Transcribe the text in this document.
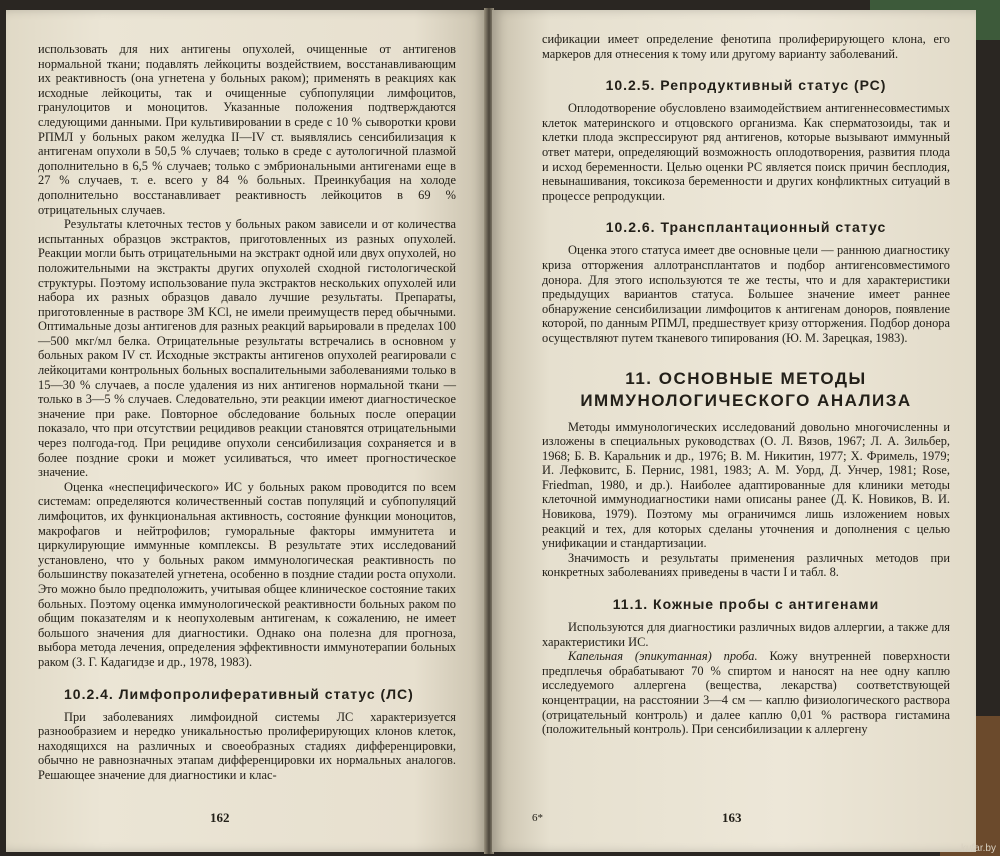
использовать для них антигены опухолей, очищенные от антигенов нормальной ткани; подавлять лейкоциты воздействием, восстанавливающим их реактивность (она угнетена у больных раком); применять в реакциях как исходные лейкоциты, так и очищенные субпопуляции лимфоцитов, гранулоцитов и моноцитов. Указанные положения подтверждаются следующими данными. При культивировании в среде с 10 % сыворотки крови РПМЛ у больных раком желудка II—IV ст. выявлялись сенсибилизация к антигенам опухоли в 50,5 % случаев; только в среде с аутологичной плазмой дополнительно в 6,5 % случаев; только с эмбриональными антигенами еще в 27 % случаев, т. е. всего у 84 % больных. Преинкубация на холоде дополнительно восстанавливает реактивность лейкоцитов в 69 % отрицательных случаев.

Результаты клеточных тестов у больных раком зависели и от количества испытанных образцов экстрактов, приготовленных из разных опухолей. Реакции могли быть отрицательными на экстракт одной или двух опухолей, но положительными на экстракты других опухолей сходной гистологической структуры. Поэтому использование пула экстрактов нескольких опухолей или набора их разных образцов давало лучшие результаты. Препараты, приготовленные в растворе 3М KCl, не имели преимуществ перед обычными. Оптимальные дозы антигенов для разных реакций варьировали в пределах 100—500 мкг/мл белка. Отрицательные результаты встречались в основном у больных раком IV ст. Исходные экстракты антигенов опухолей реагировали с лейкоцитами контрольных больных воспалительными заболеваниями только в 15—30 % случаев, а после удаления из них антигенов нормальной ткани — только в 3—5 % случаев. Следовательно, эти реакции имеют диагностическое значение при раке. Повторное обследование больных после операции показало, что при отсутствии рецидивов реакции становятся отрицательными через полгода-год. При рецидиве опухоли сенсибилизация сохраняется и в более поздние сроки и может усиливаться, что имеет прогностическое значение.

Оценка «неспецифического» ИС у больных раком проводится по всем системам: определяются количественный состав популяций и субпопуляций лимфоцитов, их функциональная активность, состояние функции моноцитов, макрофагов и нейтрофилов; гуморальные факторы иммунитета и циркулирующие иммунные комплексы. В результате этих исследований установлено, что у больных раком иммунологическая реактивность по большинству показателей угнетена, особенно в поздние стадии роста опухоли. Это можно было предположить, учитывая общее клиническое состояние таких больных. Поэтому оценка иммунологической реактивности больных раком по общим показателям и к неопухолевым антигенам, к сожалению, не имеет большого значения для диагностики. Однако она полезна для прогноза, выбора метода лечения, определения эффективности иммунотерапии больных раком (З. Г. Кадагидзе и др., 1978, 1983).

10.2.4. Лимфопролиферативный статус (ЛС)

При заболеваниях лимфоидной системы ЛС характеризуется разнообразием и нередко уникальностью пролиферирующих клонов клеток, находящихся на различных и своеобразных стадиях дифференцировки, обычно не равнозначных этапам дифференцировки их нормальных аналогов. Решающее значение для диагностики и клас-

162

сификации имеет определение фенотипа пролиферирующего клона, его маркеров для отнесения к тому или другому варианту заболеваний.

10.2.5. Репродуктивный статус (РС)

Оплодотворение обусловлено взаимодействием антигеннесовместимых клеток материнского и отцовского организма. Как сперматозоиды, так и клетки плода экспрессируют ряд антигенов, которые вызывают иммунный ответ матери, определяющий возможность оплодотворения, развития плода и исход беременности. Целью оценки РС является поиск причин бесплодия, невынашивания, токсикоза беременности и других конфликтных ситуаций в процессе репродукции.

10.2.6. Трансплантационный статус

Оценка этого статуса имеет две основные цели — раннюю диагностику криза отторжения аллотрансплантатов и подбор антигенсовместимого донора. Для этого используются те же тесты, что и для характеристики предыдущих вариантов статуса. Большее значение имеет раннее обнаружение сенсибилизации лимфоцитов к антигенам доноров, появление которой, по данным РПМЛ, предшествует кризу отторжения. Подбор донора осуществляют путем тканевого типирования (Ю. М. Зарецкая, 1983).

11. ОСНОВНЫЕ МЕТОДЫ
ИММУНОЛОГИЧЕСКОГО АНАЛИЗА

Методы иммунологических исследований довольно многочисленны и изложены в специальных руководствах (О. Л. Вязов, 1967; Л. А. Зильбер, 1968; Б. В. Каральник и др., 1976; В. М. Никитин, 1977; Х. Фримель, 1979; И. Лефковитс, Б. Пернис, 1981, 1983; А. М. Уорд, Д. Унчер, 1981; Rose, Friedman, 1980, и др.). Наиболее адаптированные для клиники методы клеточной иммунодиагностики нами описаны ранее (Д. К. Новиков, В. И. Новикова, 1979). Поэтому мы ограничимся лишь изложением новых реакций и тех, для которых сделаны уточнения и дополнения с целью унификации и стандартизации.

Значимость и результаты применения различных методов при конкретных заболеваниях приведены в части I и табл. 8.

11.1. Кожные пробы с антигенами

Используются для диагностики различных видов аллергии, а также для характеристики ИС.

Капельная (эпикутанная) проба. Кожу внутренней поверхности предплечья обрабатывают 70 % спиртом и наносят на нее одну каплю исследуемого аллергена (вещества, лекарства) соответствующей концентрации, на расстоянии 3—4 см — каплю физиологического раствора (отрицательный контроль) и далее каплю 0,01 % раствора гистамина (положительный контроль). При сенсибилизации к аллергену

6*	163
kufar.by
